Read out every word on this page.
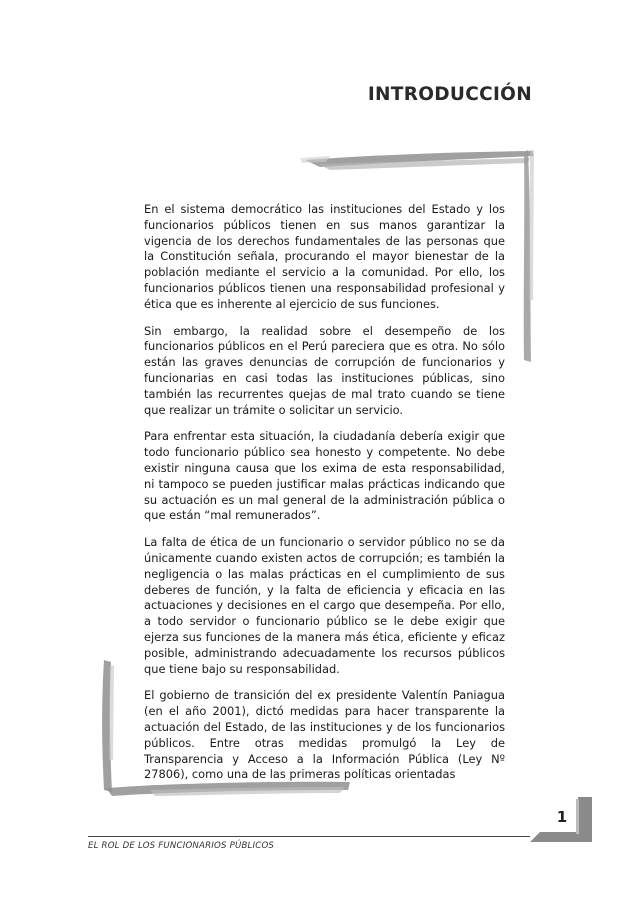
INTRODUCCIÓN

En el sistema democrático las instituciones del Estado y los funcionarios públicos tienen en sus manos garantizar la vigencia de los derechos fundamentales de las personas que la Constitución señala, procurando el mayor bienestar de la población mediante el servicio a la comunidad. Por ello, los funcionarios públicos tienen una responsabilidad profesional y ética que es inherente al ejercicio de sus funciones.

Sin embargo, la realidad sobre el desempeño de los funcionarios públicos en el Perú pareciera que es otra. No sólo están las graves denuncias de corrupción de funcionarios y funcionarias en casi todas las instituciones públicas, sino también las recurrentes quejas de mal trato cuando se tiene que realizar un trámite o solicitar un servicio.

Para enfrentar esta situación, la ciudadanía debería exigir que todo funcionario público sea honesto y competente. No debe existir ninguna causa que los exima de esta responsabilidad, ni tampoco se pueden justificar malas prácticas indicando que su actuación es un mal general de la administración pública o que están “mal remunerados”.

La falta de ética de un funcionario o servidor público no se da únicamente cuando existen actos de corrupción; es también la negligencia o las malas prácticas en el cumplimiento de sus deberes de función, y la falta de eficiencia y eficacia en las actuaciones y decisiones en el cargo que desempeña. Por ello, a todo servidor o funcionario público se le debe exigir que ejerza sus funciones de la manera más ética, eficiente y eficaz posible, administrando adecuadamente los recursos públicos que tiene bajo su responsabilidad.

El gobierno de transición del ex presidente Valentín Paniagua (en el año 2001), dictó medidas para hacer transparente la actuación del Estado, de las instituciones y de los funcionarios públicos. Entre otras medidas promulgó la Ley de Transparencia y Acceso a la Información Pública (Ley Nº 27806), como una de las primeras políticas orientadas

1
EL ROL DE LOS FUNCIONARIOS PÚBLICOS
